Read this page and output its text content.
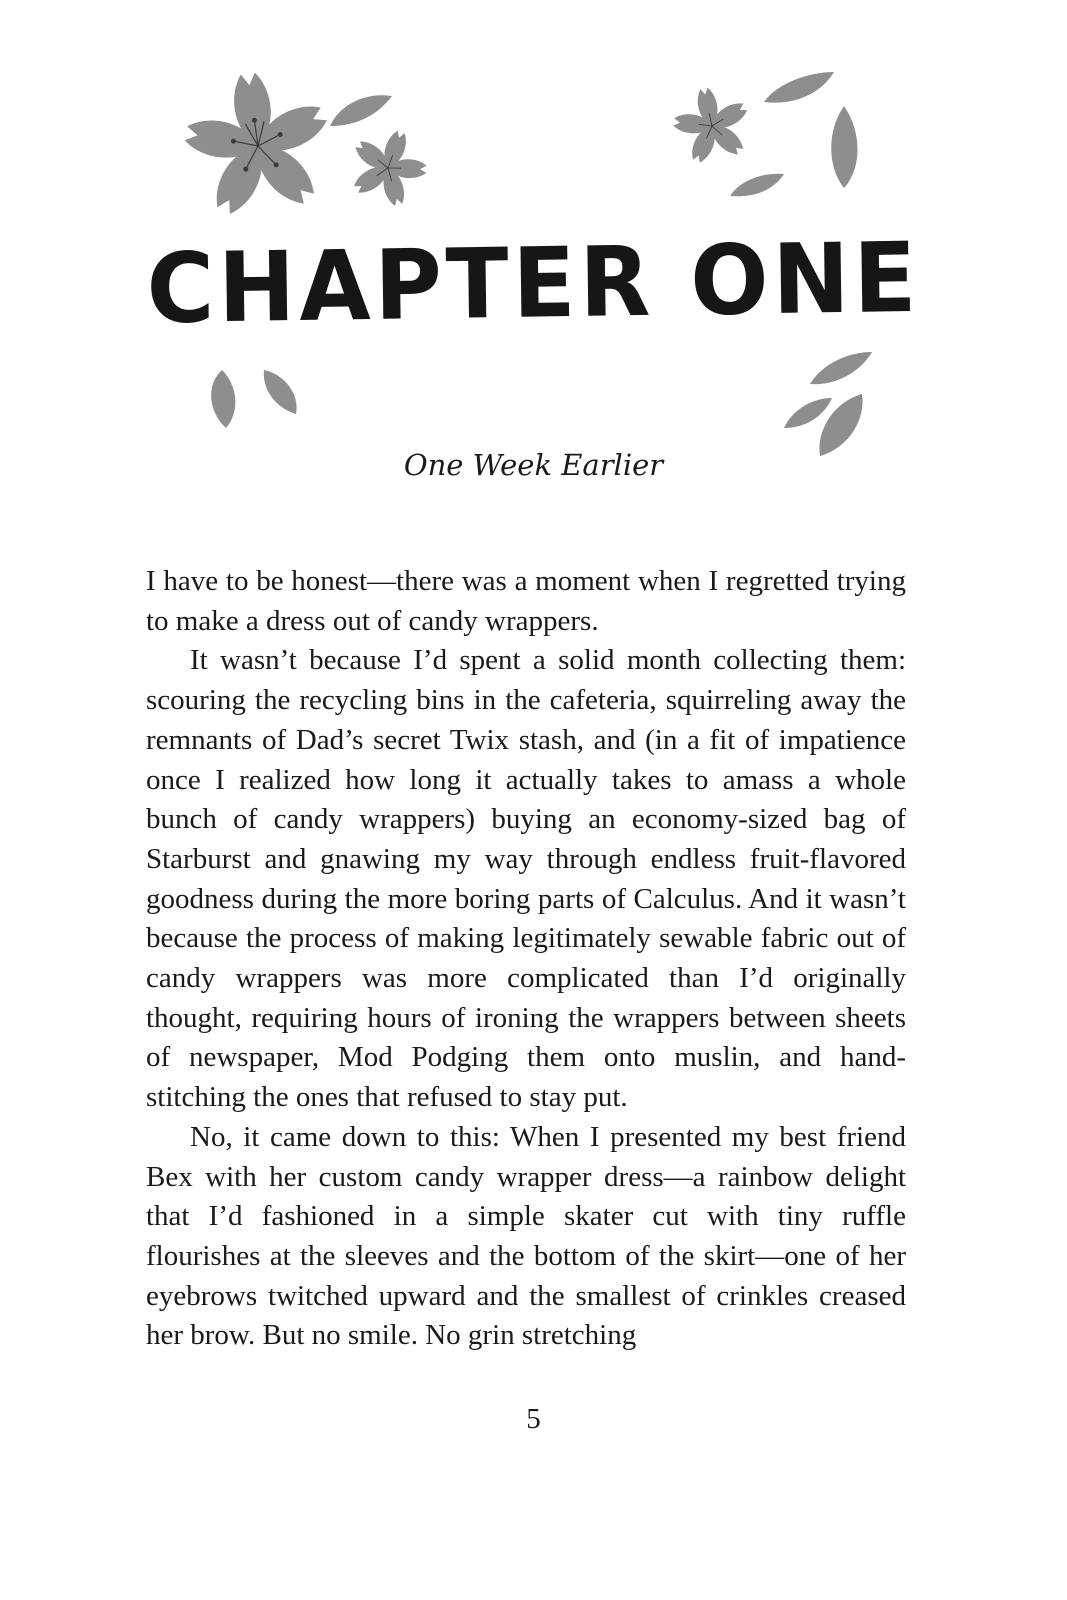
CHAPTER ONE
One Week Earlier

I have to be honest—there was a moment when I regretted trying to make a dress out of candy wrappers.

It wasn’t because I’d spent a solid month collecting them: scouring the recycling bins in the cafeteria, squirreling away the remnants of Dad’s secret Twix stash, and (in a fit of impatience once I realized how long it actually takes to amass a whole bunch of candy wrappers) buying an economy-sized bag of Starburst and gnawing my way through endless fruit-flavored goodness during the more boring parts of Calculus. And it wasn’t because the process of making legitimately sewable fabric out of candy wrappers was more complicated than I’d originally thought, requiring hours of ironing the wrappers between sheets of newspaper, Mod Podging them onto muslin, and hand-stitching the ones that refused to stay put.

No, it came down to this: When I presented my best friend Bex with her custom candy wrapper dress—a rainbow delight that I’d fashioned in a simple skater cut with tiny ruffle flourishes at the sleeves and the bottom of the skirt—one of her eyebrows twitched upward and the smallest of crinkles creased her brow. But no smile. No grin stretching

5
